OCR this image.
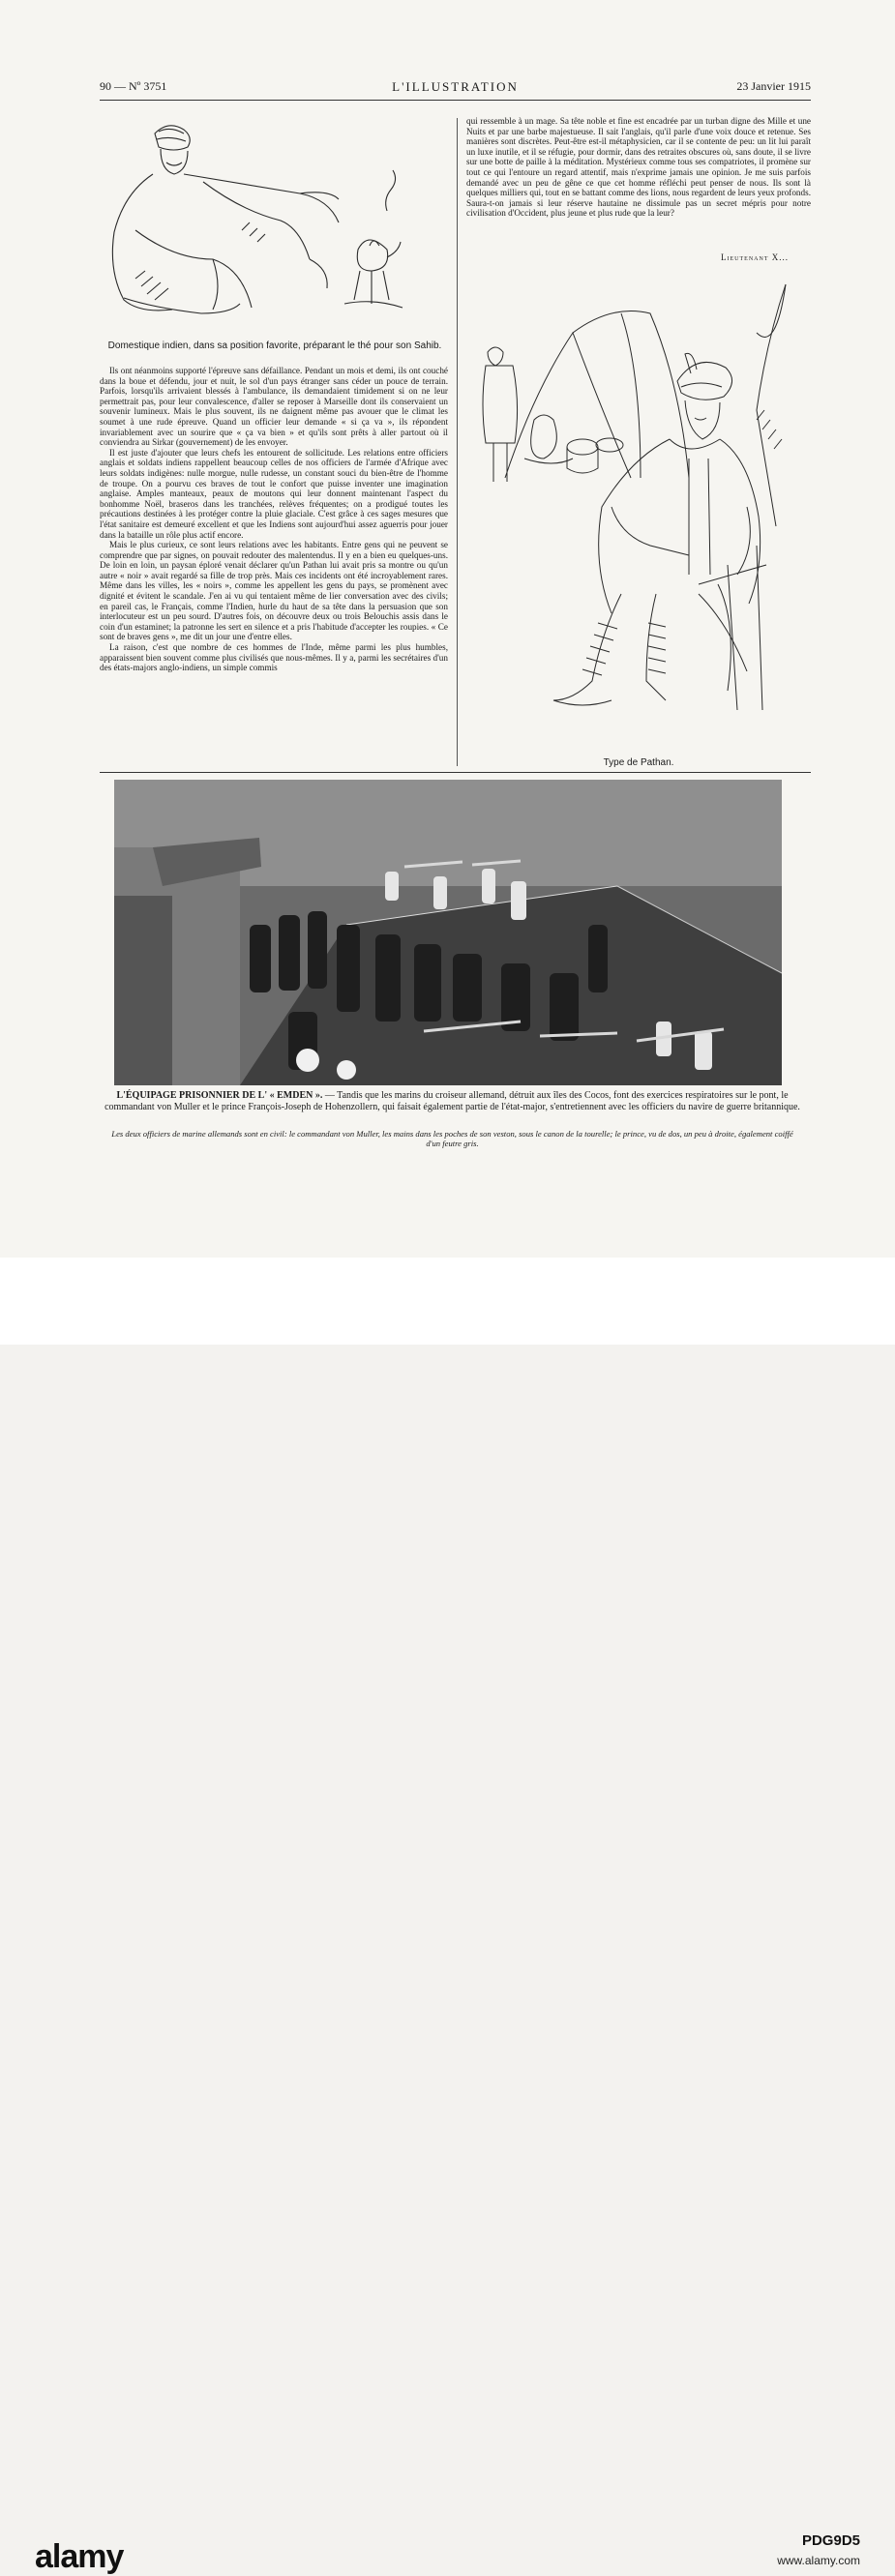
90 — Nº 3751	L'ILLUSTRATION	23 Janvier 1915
Domestique indien, dans sa position favorite, préparant le thé pour son Sahib.

Ils ont néanmoins supporté l'épreuve sans défaillance. Pendant un mois et demi, ils ont couché dans la boue et défendu, jour et nuit, le sol d'un pays étranger sans céder un pouce de terrain. Parfois, lorsqu'ils arrivaient blessés à l'ambulance, ils demandaient timidement si on ne leur permettrait pas, pour leur convalescence, d'aller se reposer à Marseille dont ils conservaient un souvenir lumineux. Mais le plus souvent, ils ne daignent même pas avouer que le climat les soumet à une rude épreuve. Quand un officier leur demande « si ça va », ils répondent invariablement avec un sourire que « ça va bien » et qu'ils sont prêts à aller partout où il conviendra au Sirkar (gouvernement) de les envoyer.

Il est juste d'ajouter que leurs chefs les entourent de sollicitude. Les relations entre officiers anglais et soldats indiens rappellent beaucoup celles de nos officiers de l'armée d'Afrique avec leurs soldats indigènes: nulle morgue, nulle rudesse, un constant souci du bien-être de l'homme de troupe. On a pourvu ces braves de tout le confort que puisse inventer une imagination anglaise. Amples manteaux, peaux de moutons qui leur donnent maintenant l'aspect du bonhomme Noël, braseros dans les tranchées, relèves fréquentes; on a prodigué toutes les précautions destinées à les protéger contre la pluie glaciale. C'est grâce à ces sages mesures que l'état sanitaire est demeuré excellent et que les Indiens sont aujourd'hui assez aguerris pour jouer dans la bataille un rôle plus actif encore.

Mais le plus curieux, ce sont leurs relations avec les habitants. Entre gens qui ne peuvent se comprendre que par signes, on pouvait redouter des malentendus. Il y en a bien eu quelques-uns. De loin en loin, un paysan éploré venait déclarer qu'un Pathan lui avait pris sa montre ou qu'un autre « noir » avait regardé sa fille de trop près. Mais ces incidents ont été incroyablement rares. Même dans les villes, les « noirs », comme les appellent les gens du pays, se promènent avec dignité et évitent le scandale. J'en ai vu qui tentaient même de lier conversation avec des civils; en pareil cas, le Français, comme l'Indien, hurle du haut de sa tête dans la persuasion que son interlocuteur est un peu sourd. D'autres fois, on découvre deux ou trois Belouchis assis dans le coin d'un estaminet; la patronne les sert en silence et a pris l'habitude d'accepter les roupies. « Ce sont de braves gens », me dit un jour une d'entre elles.

La raison, c'est que nombre de ces hommes de l'Inde, même parmi les plus humbles, apparaissent bien souvent comme plus civilisés que nous-mêmes. Il y a, parmi les secrétaires d'un des états-majors anglo-indiens, un simple commis

qui ressemble à un mage. Sa tête noble et fine est encadrée par un turban digne des Mille et une Nuits et par une barbe majestueuse. Il sait l'anglais, qu'il parle d'une voix douce et retenue. Ses manières sont discrètes. Peut-être est-il métaphysicien, car il se contente de peu: un lit lui paraît un luxe inutile, et il se réfugie, pour dormir, dans des retraites obscures où, sans doute, il se livre sur une botte de paille à la méditation. Mystérieux comme tous ses compatriotes, il promène sur tout ce qui l'entoure un regard attentif, mais n'exprime jamais une opinion. Je me suis parfois demandé avec un peu de gêne ce que cet homme réfléchi peut penser de nous. Ils sont là quelques milliers qui, tout en se battant comme des lions, nous regardent de leurs yeux profonds. Saura-t-on jamais si leur réserve hautaine ne dissimule pas un secret mépris pour notre civilisation d'Occident, plus jeune et plus rude que la leur?

Lieutenant X...
Type de Pathan.
L'ÉQUIPAGE PRISONNIER DE L' « EMDEN ». — Tandis que les marins du croiseur allemand, détruit aux îles des Cocos, font des exercices respiratoires sur le pont, le commandant von Muller et le prince François-Joseph de Hohenzollern, qui faisait également partie de l'état-major, s'entretiennent avec les officiers du navire de guerre britannique.
Les deux officiers de marine allemands sont en civil: le commandant von Muller, les mains dans les poches de son veston, sous le canon de la tourelle; le prince, vu de dos, un peu à droite, également coiffé d'un feutre gris.
alamy	PDG9D5
www.alamy.com
